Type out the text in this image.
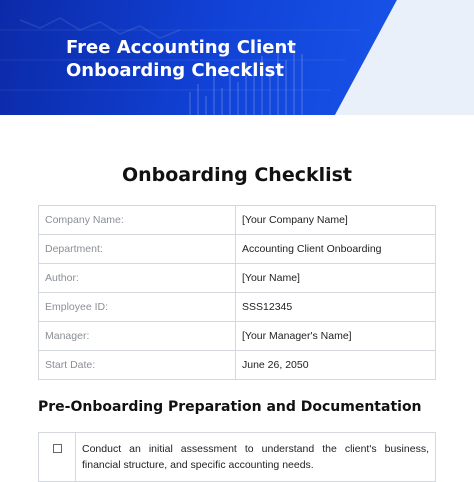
Free Accounting Client Onboarding Checklist
Onboarding Checklist
Company Name:	[Your Company Name]
Department:	Accounting Client Onboarding
Author:	[Your Name]
Employee ID:	SSS12345
Manager:	[Your Manager's Name]
Start Date:	June 26, 2050
Pre-Onboarding Preparation and Documentation
	Conduct an initial assessment to understand the client's business, financial structure, and specific accounting needs.
